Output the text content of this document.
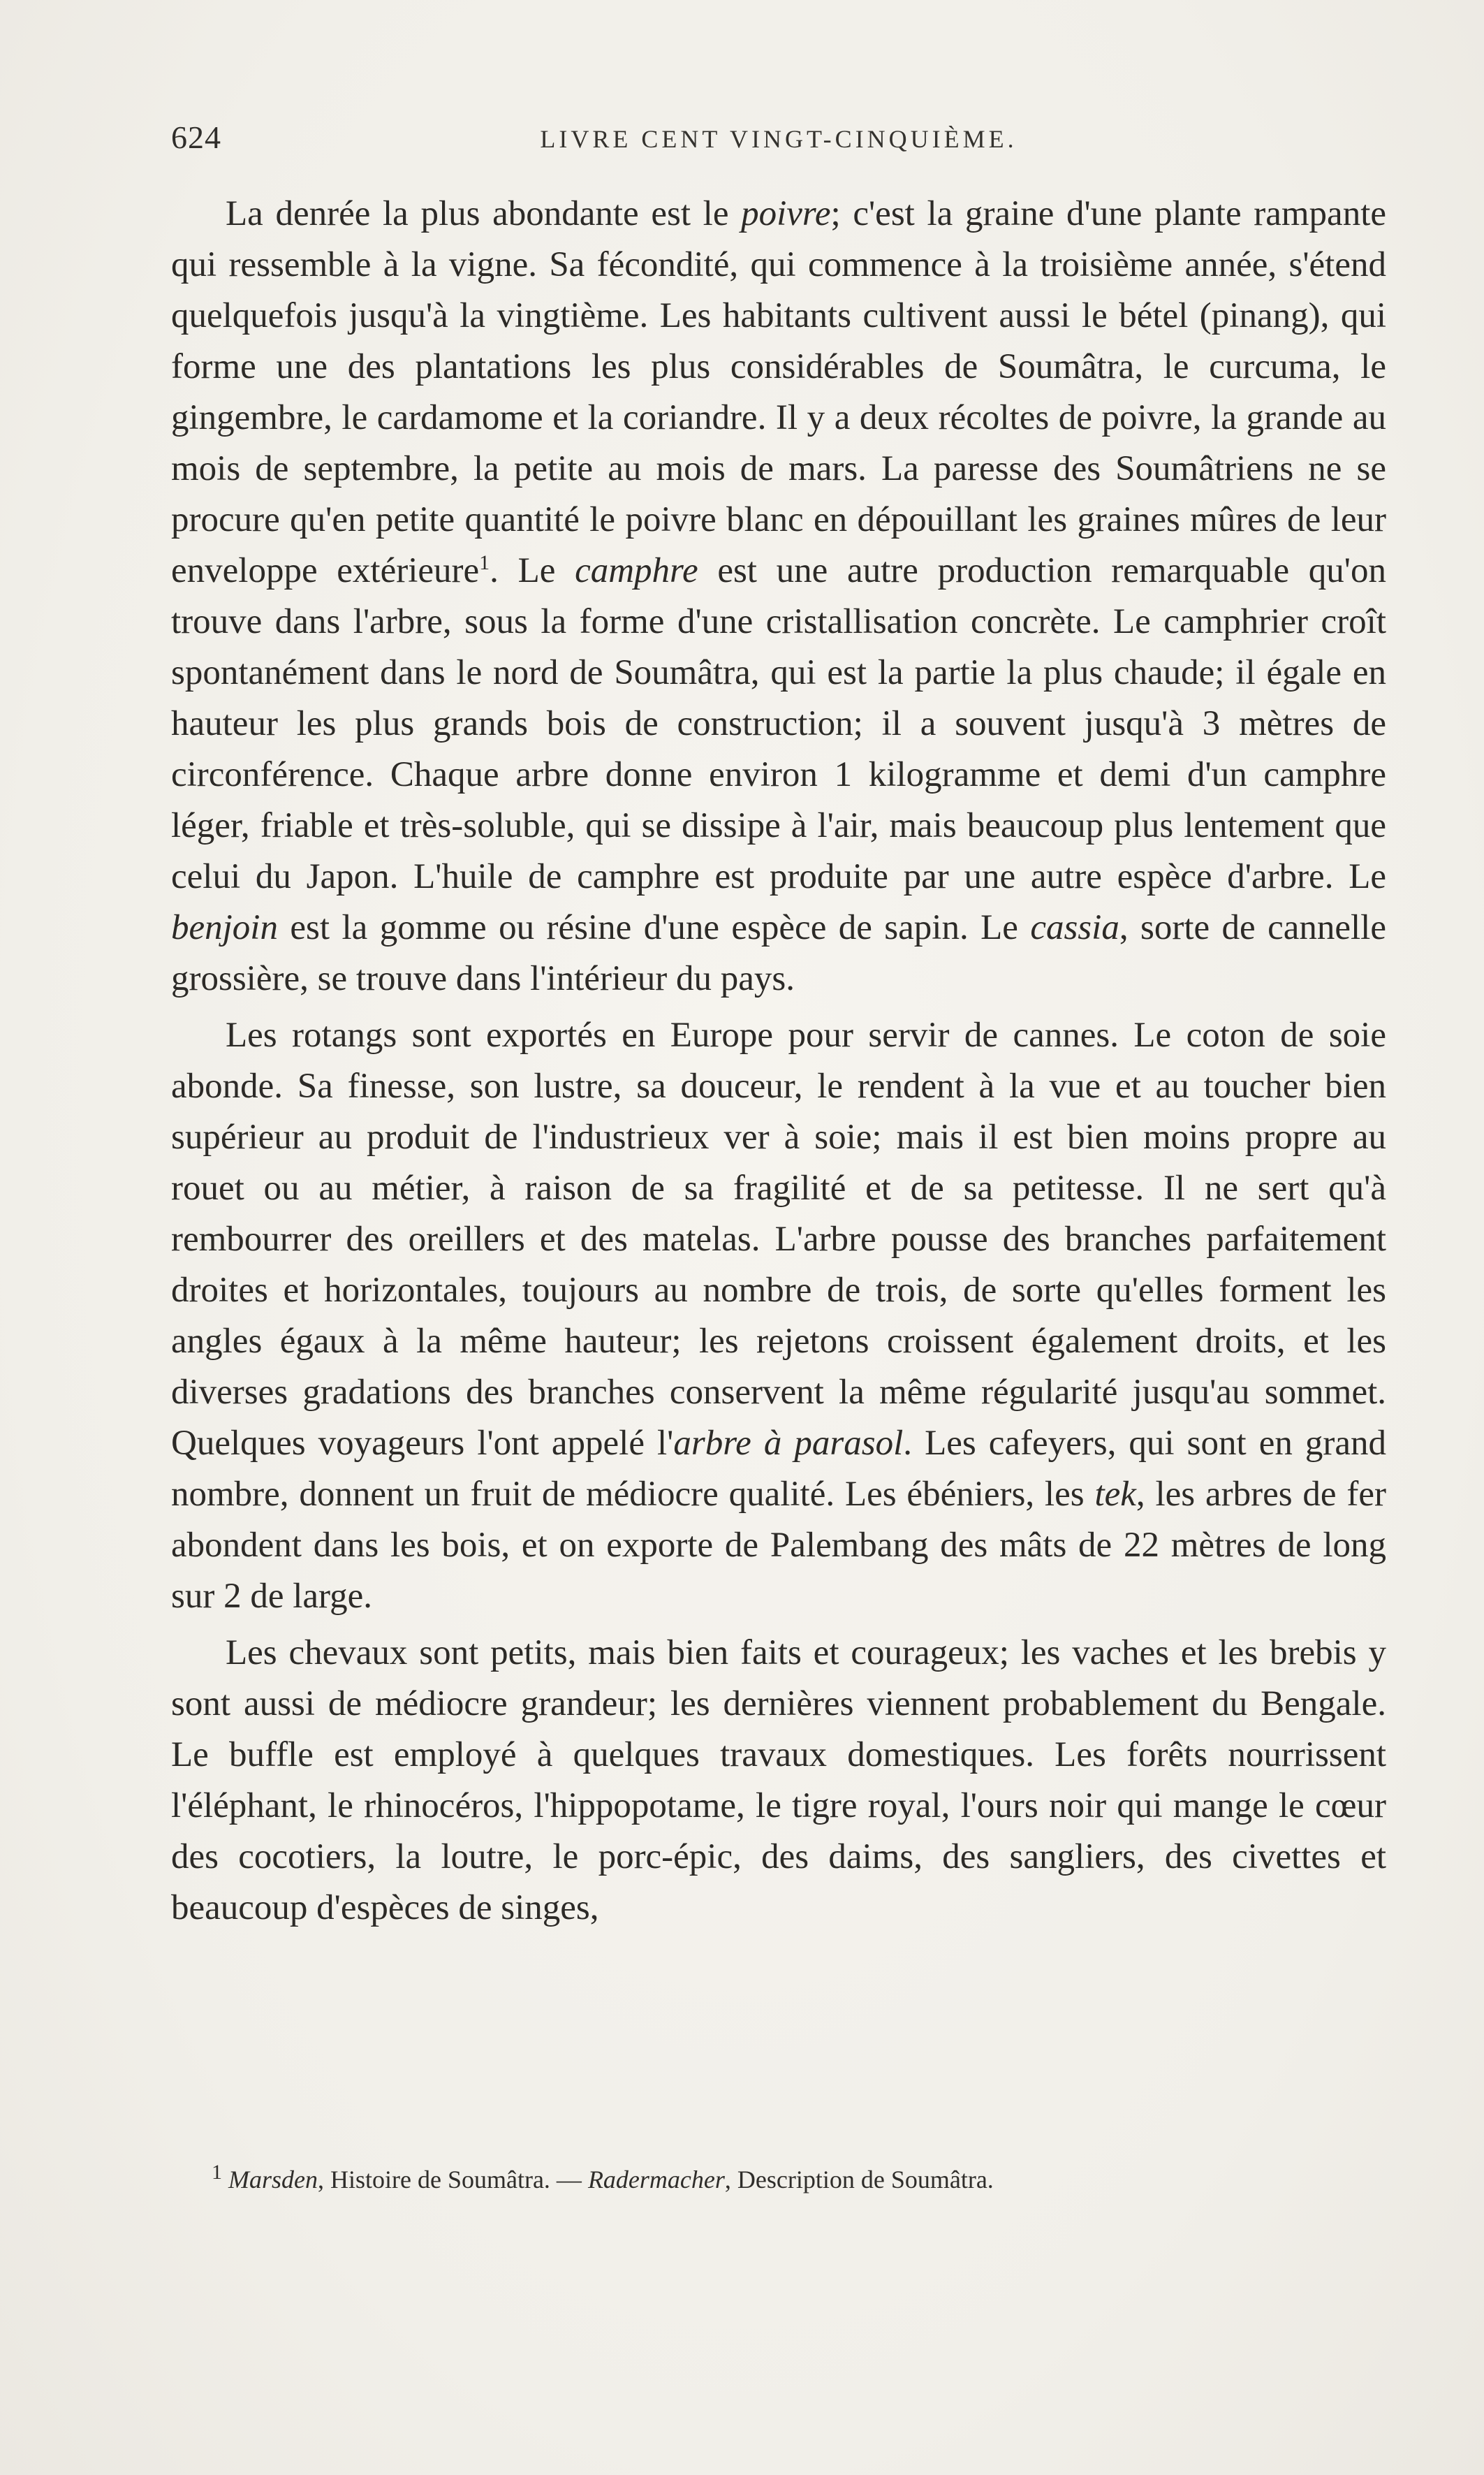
624	LIVRE CENT VINGT-CINQUIÈME.

La denrée la plus abondante est le poivre; c'est la graine d'une plante rampante qui ressemble à la vigne. Sa fécondité, qui commence à la troisième année, s'étend quelquefois jusqu'à la vingtième. Les habitants cultivent aussi le bétel (pinang), qui forme une des plantations les plus considérables de Soumâtra, le curcuma, le gingembre, le cardamome et la coriandre. Il y a deux récoltes de poivre, la grande au mois de septembre, la petite au mois de mars. La paresse des Soumâtriens ne se procure qu'en petite quantité le poivre blanc en dépouillant les graines mûres de leur enveloppe extérieure$^1$. Le camphre est une autre production remarquable qu'on trouve dans l'arbre, sous la forme d'une cristallisation concrète. Le camphrier croît spontanément dans le nord de Soumâtra, qui est la partie la plus chaude; il égale en hauteur les plus grands bois de construction; il a souvent jusqu'à 3 mètres de circonférence. Chaque arbre donne environ 1 kilogramme et demi d'un camphre léger, friable et très-soluble, qui se dissipe à l'air, mais beaucoup plus lentement que celui du Japon. L'huile de camphre est produite par une autre espèce d'arbre. Le benjoin est la gomme ou résine d'une espèce de sapin. Le cassia, sorte de cannelle grossière, se trouve dans l'intérieur du pays.

Les rotangs sont exportés en Europe pour servir de cannes. Le coton de soie abonde. Sa finesse, son lustre, sa douceur, le rendent à la vue et au toucher bien supérieur au produit de l'industrieux ver à soie; mais il est bien moins propre au rouet ou au métier, à raison de sa fragilité et de sa petitesse. Il ne sert qu'à rembourrer des oreillers et des matelas. L'arbre pousse des branches parfaitement droites et horizontales, toujours au nombre de trois, de sorte qu'elles forment les angles égaux à la même hauteur; les rejetons croissent également droits, et les diverses gradations des branches conservent la même régularité jusqu'au sommet. Quelques voyageurs l'ont appelé l'arbre à parasol. Les cafeyers, qui sont en grand nombre, donnent un fruit de médiocre qualité. Les ébéniers, les tek, les arbres de fer abondent dans les bois, et on exporte de Palembang des mâts de 22 mètres de long sur 2 de large.

Les chevaux sont petits, mais bien faits et courageux; les vaches et les brebis y sont aussi de médiocre grandeur; les dernières viennent probablement du Bengale. Le buffle est employé à quelques travaux domestiques. Les forêts nourrissent l'éléphant, le rhinocéros, l'hippopotame, le tigre royal, l'ours noir qui mange le cœur des cocotiers, la loutre, le porc-épic, des daims, des sangliers, des civettes et beaucoup d'espèces de singes,

$^1$ Marsden, Histoire de Soumâtra. — Radermacher, Description de Soumâtra.
